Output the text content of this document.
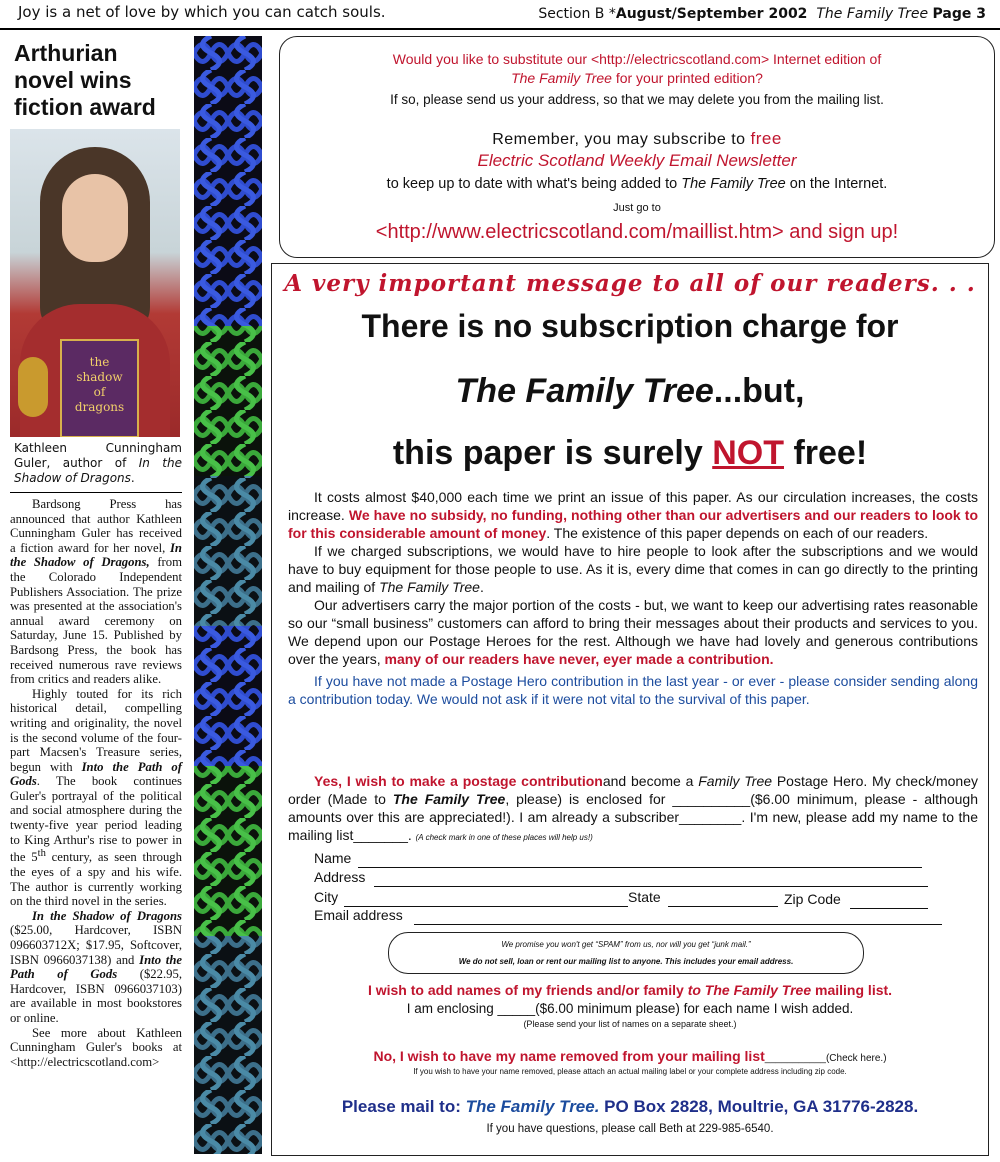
Joy is a net of love by which you can catch souls.	Section B *August/September 2002 The Family Tree Page 3
Arthurian
novel wins
fiction award
the
shadow
of
dragons
Kathleen Cunningham Guler, author of In the Shadow of Dragons.

Bardsong Press has announced that author Kathleen Cunningham Guler has received a fiction award for her novel, In the Shadow of Dragons, from the Colorado Independent Publishers Association. The prize was presented at the association's annual award ceremony on Saturday, June 15. Published by Bardsong Press, the book has received numerous rave reviews from critics and readers alike.

Highly touted for its rich historical detail, compelling writing and originality, the novel is the second volume of the four-part Macsen's Treasure series, begun with Into the Path of Gods. The book continues Guler's portrayal of the political and social atmosphere during the twenty-five year period leading to King Arthur's rise to power in the 5th century, as seen through the eyes of a spy and his wife. The author is currently working on the third novel in the series.

In the Shadow of Dragons ($25.00, Hardcover, ISBN 096603712X; $17.95, Softcover, ISBN 0966037138) and Into the Path of Gods ($22.95, Hardcover, ISBN 0966037103) are available in most bookstores or online.

See more about Kathleen Cunningham Guler's books at <http://electricscotland.com>

Would you like to substitute our <http://electricscotland.com> Internet edition of
The Family Tree for your printed edition?
If so, please send us your address, so that we may delete you from the mailing list.
Remember, you may subscribe to free
Electric Scotland Weekly Email Newsletter
to keep up to date with what's being added to The Family Tree on the Internet.
Just go to
<http://www.electricscotland.com/maillist.htm> and sign up!
A very important message to all of our readers. . .
There is no subscription charge for
The Family Tree...but,
this paper is surely NOT free!

It costs almost $40,000 each time we print an issue of this paper. As our circulation increases, the costs increase. We have no subsidy, no funding, nothing other than our advertisers and our readers to look to for this considerable amount of money. The existence of this paper depends on each of our readers.

If we charged subscriptions, we would have to hire people to look after the subscriptions and we would have to buy equipment for those people to use. As it is, every dime that comes in can go directly to the printing and mailing of The Family Tree.

Our advertisers carry the major portion of the costs - but, we want to keep our advertising rates reasonable so our “small business” customers can afford to bring their messages about their products and services to you. We depend upon our Postage Heroes for the rest. Although we have had lovely and generous contributions over the years, many of our readers have never, eyer made a contribution.

If you have not made a Postage Hero contribution in the last year - or ever - please consider sending along a contribution today. We would not ask if it were not vital to the survival of this paper.

Yes, I wish to make a postage contributionand become a Family Tree Postage Hero. My check/money order (Made to The Family Tree, please) is enclosed for __________($6.00 minimum, please - although amounts over this are appreciated!). I am already a subscriber________. I'm new, please add my name to the mailing list_______. (A check mark in one of these places will help us!)

Name
Address
City	State	Zip Code
Email address
We promise you won't get “SPAM” from us, nor will you get “junk mail.”
We do not sell, loan or rent our mailing list to anyone. This includes your email address.
I wish to add names of my friends and/or family to The Family Tree mailing list.
I am enclosing _____($6.00 minimum please) for each name I wish added.
(Please send your list of names on a separate sheet.)
No, I wish to have my name removed from your mailing list___________(Check here.)
If you wish to have your name removed, please attach an actual mailing label or your complete address including zip code.
Please mail to: The Family Tree. PO Box 2828, Moultrie, GA 31776-2828.
If you have questions, please call Beth at 229-985-6540.
